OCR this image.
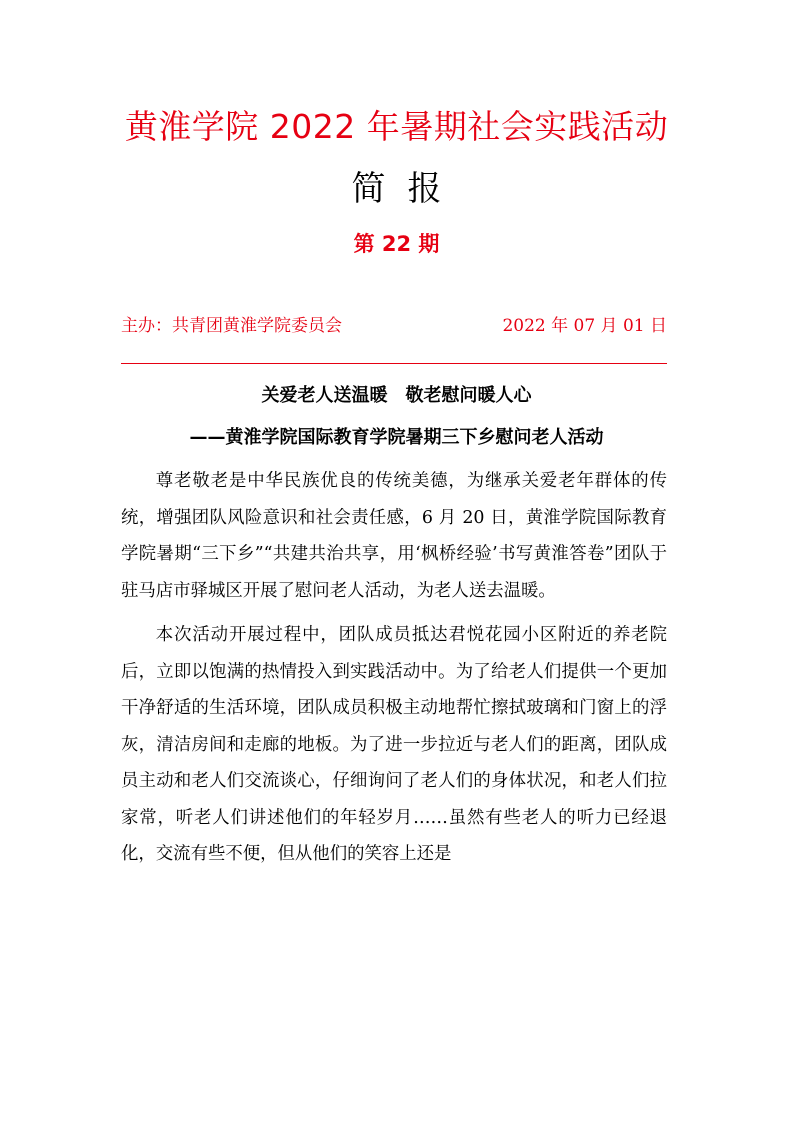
黄淮学院 2022 年暑期社会实践活动
简报
第 22 期
主办：共青团黄淮学院委员会	2022 年 07 月 01 日
关爱老人送温暖　敬老慰问暖人心
——黄淮学院国际教育学院暑期三下乡慰问老人活动

尊老敬老是中华民族优良的传统美德，为继承关爱老年群体的传统，增强团队风险意识和社会责任感，6 月 20 日，黄淮学院国际教育学院暑期“三下乡”“共建共治共享，用‘枫桥经验’书写黄淮答卷”团队于驻马店市驿城区开展了慰问老人活动，为老人送去温暖。

本次活动开展过程中，团队成员抵达君悦花园小区附近的养老院后，立即以饱满的热情投入到实践活动中。为了给老人们提供一个更加干净舒适的生活环境，团队成员积极主动地帮忙擦拭玻璃和门窗上的浮灰，清洁房间和走廊的地板。为了进一步拉近与老人们的距离，团队成员主动和老人们交流谈心，仔细询问了老人们的身体状况，和老人们拉家常，听老人们讲述他们的年轻岁月……虽然有些老人的听力已经退化，交流有些不便，但从他们的笑容上还是
